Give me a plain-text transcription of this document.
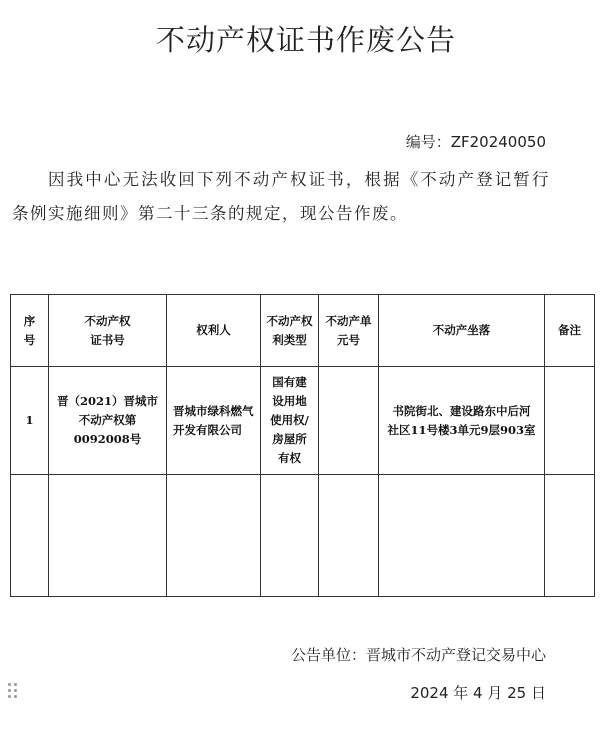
不动产权证书作废公告
编号：ZF20240050
因我中心无法收回下列不动产权证书，根据《不动产登记暂行条例实施细则》第二十三条的规定，现公告作废。
序号	不动产权证书号	权利人	不动产权利类型	不动产单元号	不动产坐落	备注
1	晋（2021）晋城市不动产权第0092008号	晋城市绿科燃气开发有限公司	国有建设用地使用权/房屋所有权		书院街北、建设路东中后河社区11号楼3单元9层903室	

公告单位：晋城市不动产登记交易中心
2024 年 4 月 25 日
